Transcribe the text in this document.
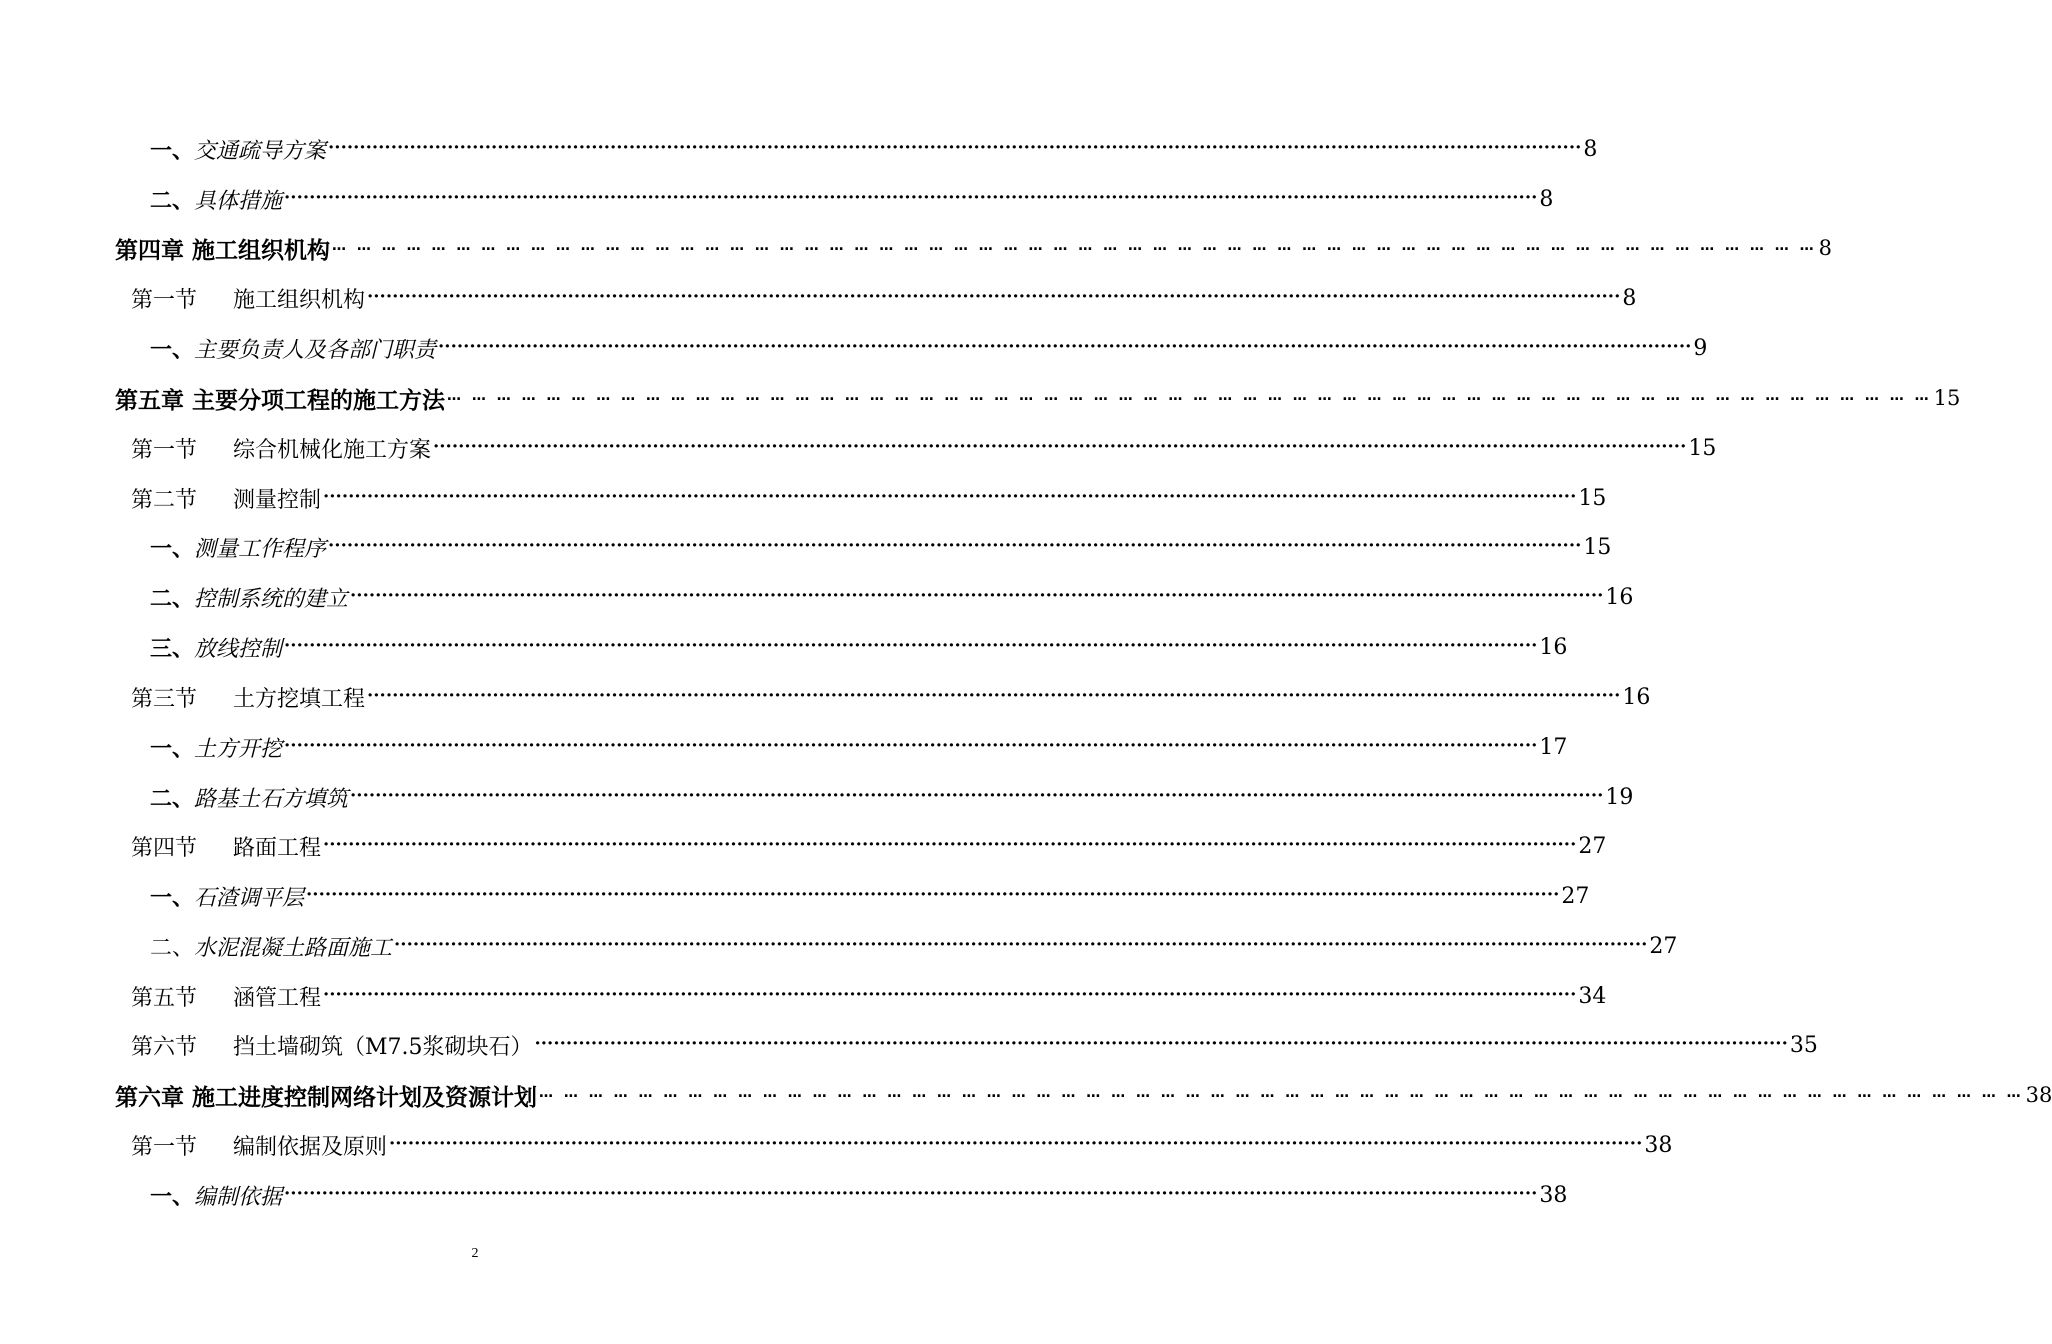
一、交通疏导方案 ········································································································································································································ 8
二、具体措施 ········································································································································································································ 8
第四章 施工组织机构 … … … … … … … … … … … … … … … … … … … … … … … … … … … … … … … … … … … … … … … … … … … … … … … … … … … … … … … … … … … … 8
第一节 施工组织机构 ········································································································································································································ 8
一、主要负责人及各部门职责 ········································································································································································································ 9
第五章 主要分项工程的施工方法 … … … … … … … … … … … … … … … … … … … … … … … … … … … … … … … … … … … … … … … … … … … … … … … … … … … … … … … … … … … … 15
第一节 综合机械化施工方案 ········································································································································································································ 15
第二节 测量控制 ········································································································································································································ 15
一、测量工作程序 ········································································································································································································ 15
二、控制系统的建立 ········································································································································································································ 16
三、放线控制 ········································································································································································································ 16
第三节 土方挖填工程 ········································································································································································································ 16
一、土方开挖 ········································································································································································································ 17
二、路基土石方填筑 ········································································································································································································ 19
第四节 路面工程 ········································································································································································································ 27
一、石渣调平层 ········································································································································································································ 27
二、水泥混凝土路面施工 ········································································································································································································ 27
第五节 涵管工程 ········································································································································································································ 34
第六节 挡土墙砌筑（M7.5浆砌块石） ········································································································································································································ 35
第六章 施工进度控制网络计划及资源计划 … … … … … … … … … … … … … … … … … … … … … … … … … … … … … … … … … … … … … … … … … … … … … … … … … … … … … … … … … … … … 38
第一节 编制依据及原则 ········································································································································································································ 38
一、编制依据 ········································································································································································································ 38
2
